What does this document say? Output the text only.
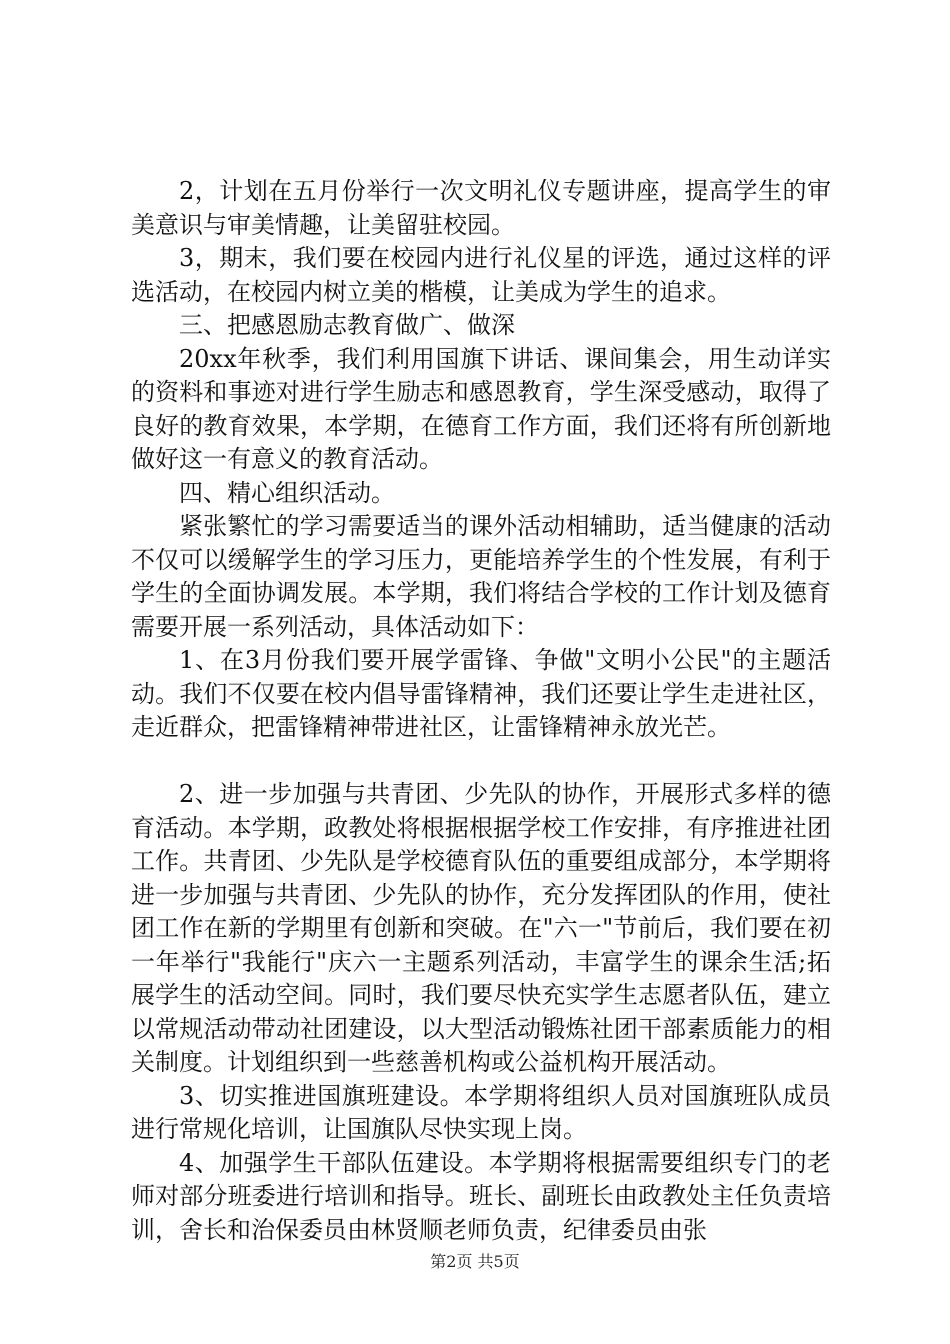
2，计划在五月份举行一次文明礼仪专题讲座，提高学生的审美意识与审美情趣，让美留驻校园。

3，期末，我们要在校园内进行礼仪星的评选，通过这样的评选活动，在校园内树立美的楷模，让美成为学生的追求。

三、把感恩励志教育做广、做深

20xx年秋季，我们利用国旗下讲话、课间集会，用生动详实的资料和事迹对进行学生励志和感恩教育，学生深受感动，取得了良好的教育效果，本学期，在德育工作方面，我们还将有所创新地做好这一有意义的教育活动。

四、精心组织活动。

紧张繁忙的学习需要适当的课外活动相辅助，适当健康的活动不仅可以缓解学生的学习压力，更能培养学生的个性发展，有利于学生的全面协调发展。本学期，我们将结合学校的工作计划及德育需要开展一系列活动，具体活动如下：

1、在3月份我们要开展学雷锋、争做"文明小公民"的主题活动。我们不仅要在校内倡导雷锋精神，我们还要让学生走进社区，走近群众，把雷锋精神带进社区，让雷锋精神永放光芒。

2、进一步加强与共青团、少先队的协作，开展形式多样的德育活动。本学期，政教处将根据根据学校工作安排，有序推进社团工作。共青团、少先队是学校德育队伍的重要组成部分，本学期将进一步加强与共青团、少先队的协作，充分发挥团队的作用，使社团工作在新的学期里有创新和突破。在"六一"节前后，我们要在初一年举行"我能行"庆六一主题系列活动，丰富学生的课余生活;拓展学生的活动空间。同时，我们要尽快充实学生志愿者队伍，建立以常规活动带动社团建设，以大型活动锻炼社团干部素质能力的相关制度。计划组织到一些慈善机构或公益机构开展活动。

3、切实推进国旗班建设。本学期将组织人员对国旗班队成员进行常规化培训，让国旗队尽快实现上岗。

4、加强学生干部队伍建设。本学期将根据需要组织专门的老师对部分班委进行培训和指导。班长、副班长由政教处主任负责培训，舍长和治保委员由林贤顺老师负责，纪律委员由张

第2页 共5页
